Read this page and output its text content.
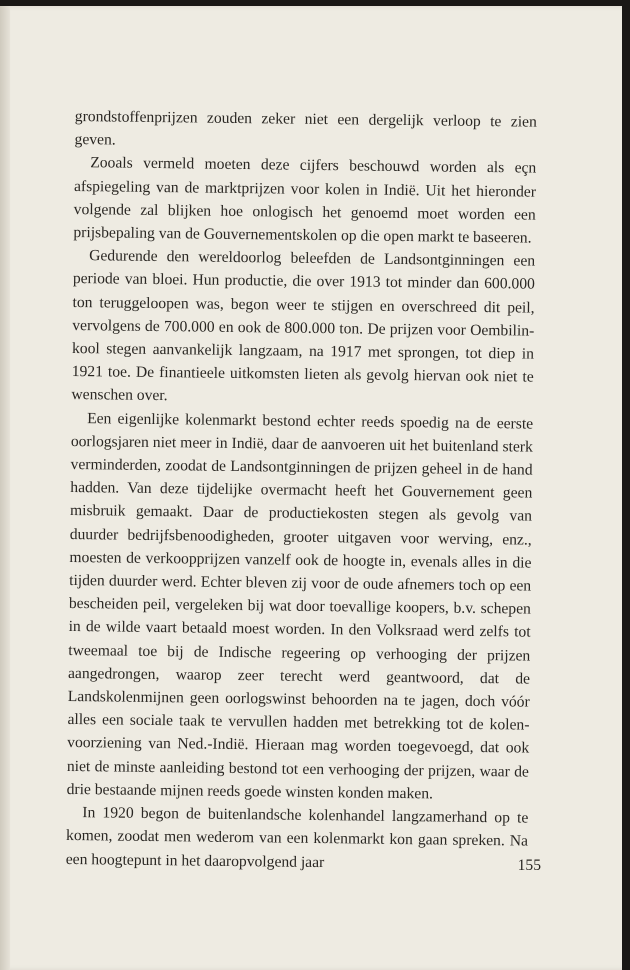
grondstoffenprijzen zouden zeker niet een dergelijk verloop te zien geven.

Zooals vermeld moeten deze cijfers beschouwd worden als eçn afspiegeling van de marktprijzen voor kolen in Indië. Uit het hieronder volgende zal blijken hoe onlogisch het genoemd moet worden een prijsbepaling van de Gouvernementskolen op die open markt te baseeren.

Gedurende den wereldoorlog beleefden de Landsontginningen een periode van bloei. Hun productie, die over 1913 tot minder dan 600.000 ton teruggeloopen was, begon weer te stijgen en overschreed dit peil, vervolgens de 700.000 en ook de 800.000 ton. De prijzen voor Oembilin-kool stegen aanvankelijk langzaam, na 1917 met sprongen, tot diep in 1921 toe. De finantieele uitkomsten lieten als gevolg hiervan ook niet te wenschen over.

Een eigenlijke kolenmarkt bestond echter reeds spoedig na de eerste oorlogsjaren niet meer in Indië, daar de aanvoeren uit het buitenland sterk verminderden, zoodat de Landsontginningen de prijzen geheel in de hand hadden. Van deze tijdelijke overmacht heeft het Gouvernement geen misbruik gemaakt. Daar de productiekosten stegen als gevolg van duurder bedrijfsbenoodigheden, grooter uitgaven voor werving, enz., moesten de verkoopprijzen vanzelf ook de hoogte in, evenals alles in die tijden duurder werd. Echter bleven zij voor de oude afnemers toch op een bescheiden peil, vergeleken bij wat door toevallige koopers, b.v. schepen in de wilde vaart betaald moest worden. In den Volksraad werd zelfs tot tweemaal toe bij de Indische regeering op verhooging der prijzen aangedrongen, waarop zeer terecht werd geantwoord, dat de Landskolenmijnen geen oorlogswinst behoorden na te jagen, doch vóór alles een sociale taak te vervullen hadden met betrekking tot de kolenvoorziening van Ned.-Indië. Hieraan mag worden toegevoegd, dat ook niet de minste aanleiding bestond tot een verhooging der prijzen, waar de drie bestaande mijnen reeds goede winsten konden maken.

In 1920 begon de buitenlandsche kolenhandel langzamerhand op te komen, zoodat men wederom van een kolenmarkt kon gaan spreken. Na een hoogtepunt in het daaropvolgend jaar	155
